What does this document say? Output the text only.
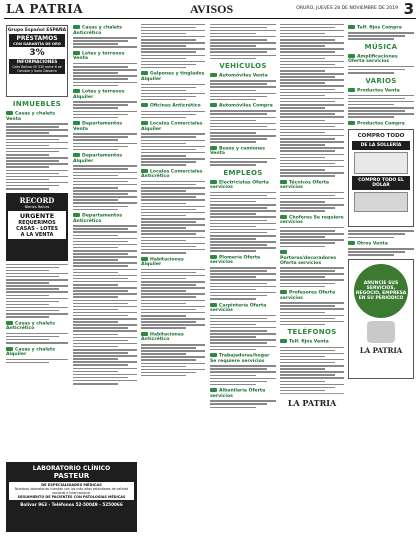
LA PATRIA	AVISOS	ORURO, JUEVES 28 DE NOVIEMBRE DE 2019 3
Grupo Español ESPAÑA
PRÉSTAMOS
CON GARANTÍA DE ORO
3%
INFORMACIONES
Calle Bolívar Nº 520 entre 6 de Octubre y Soria Galvarro
INMUEBLES
Casas y chalets Venta
RECORD
Bienes Raíces
URGENTE
REQUERIMOS
CASAS - LOTES
A LA VENTA
Casas y chalets Anticrético
Casas y chalets Alquiler
LABORATORIO CLÍNICO
PASTEUR
DE ESPECIALIDADES MÉDICAS
Nuestros laboratorios cuentan con los más altos estándares de calidad nacional e internacional.
SEGUIMIENTO DE PACIENTES CON PATOLOGÍAS MÉDICAS
Bolívar 963 - Teléfonos 52-50049 - 5250066
Casas y chalets Anticrético
Lotes y terrenos Venta
Lotes y terrenos Alquiler
Departamentos Venta
Departamentos Alquiler
Departamentos Anticrético
Galpones y tinglados Alquiler
Oficinas Anticrético
Locales Comerciales Alquiler
Locales Comerciales Anticrético
Habitaciones Alquiler
Habitaciones Anticrético
VEHÍCULOS
Automóviles Venta
Automóviles Compra
Buses y camiones Venta
EMPLEOS
Electricistas Oferta servicios
Plomería Oferta servicios
Carpintería Oferta servicios
Trabajadoras/hogar Se requiere servicios
Albañilería Oferta servicios
Técnicos Oferta servicios
Choferes Se requiere servicios
Porteros/decoradores Oferta servicios
Profesores Oferta servicios
TELÉFONOS
Telf. fijos Venta
LA PATRIA
Telf. fijos Compra
MÚSICA
Amplificaciones Oferta servicios
VARIOS
Productos Venta
Productos Compra
COMPRO TODO
DE LA SOLLERÍA
COMPRO TODO EL DÓLAR
Otros Venta
ANUNCIE SUS SERVICIOS, NEGOCIO, EMPRESA EN SU PERIÓDICO
LA PATRIA
